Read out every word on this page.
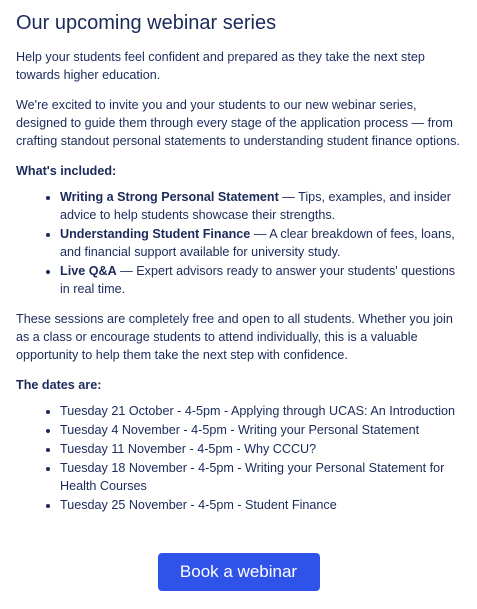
Our upcoming webinar series

Help your students feel confident and prepared as they take the next step towards higher education.

We're excited to invite you and your students to our new webinar series, designed to guide them through every stage of the application process — from crafting standout personal statements to understanding student finance options.

What's included:
• Writing a Strong Personal Statement — Tips, examples, and insider advice to help students showcase their strengths.
• Understanding Student Finance — A clear breakdown of fees, loans, and financial support available for university study.
• Live Q&A — Expert advisors ready to answer your students' questions in real time.

These sessions are completely free and open to all students. Whether you join as a class or encourage students to attend individually, this is a valuable opportunity to help them take the next step with confidence.

The dates are:
• Tuesday 21 October - 4-5pm - Applying through UCAS: An Introduction
• Tuesday 4 November - 4-5pm - Writing your Personal Statement
• Tuesday 11 November - 4-5pm - Why CCCU?
• Tuesday 18 November - 4-5pm - Writing your Personal Statement for Health Courses
• Tuesday 25 November - 4-5pm - Student Finance
Book a webinar
